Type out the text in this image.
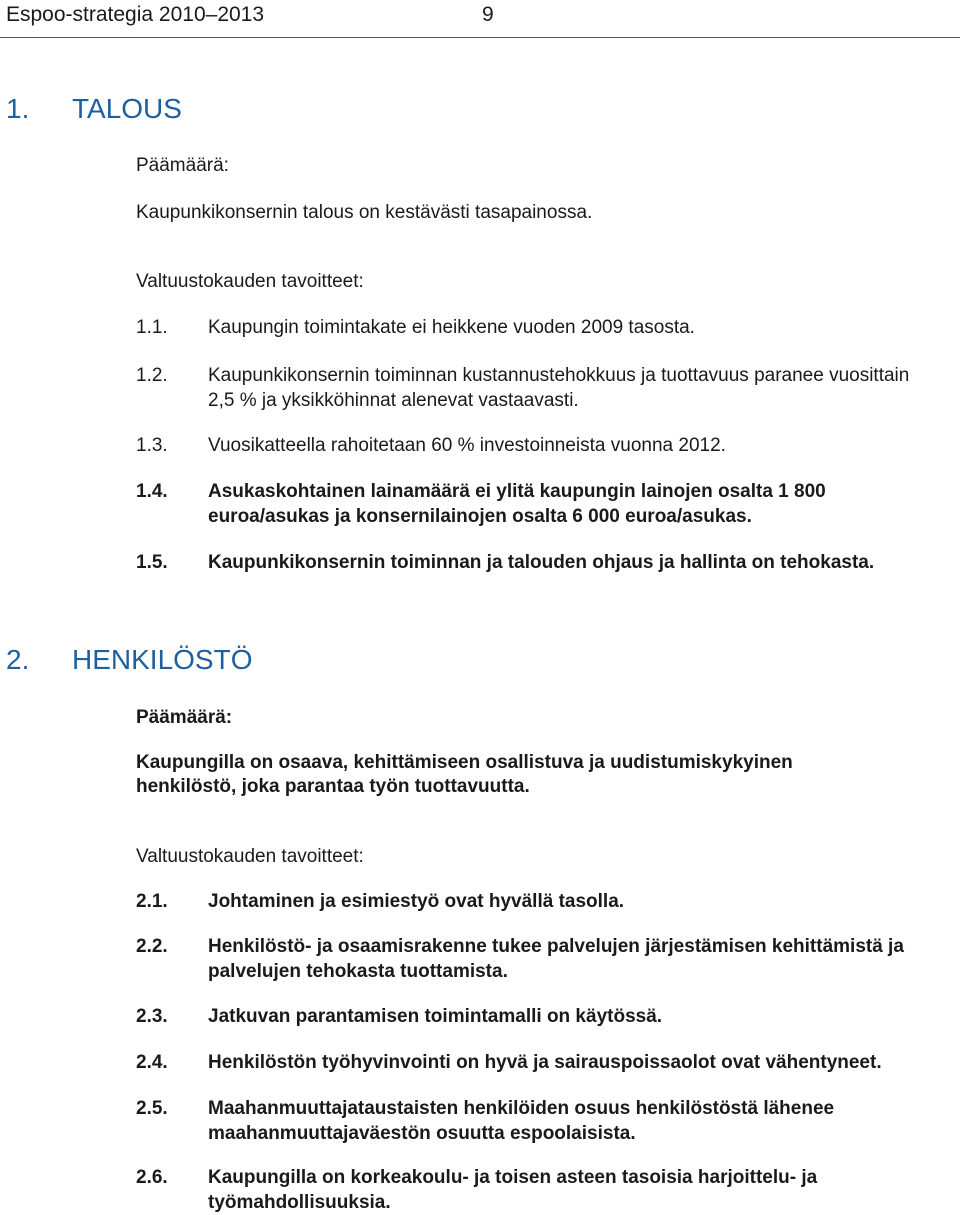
Espoo-strategia 2010–2013	9
1. TALOUS
Päämäärä:
Kaupunkikonsernin talous on kestävästi tasapainossa.
Valtuustokauden tavoitteet:
1.1.	Kaupungin toimintakate ei heikkene vuoden 2009 tasosta.
1.2.	Kaupunkikonsernin toiminnan kustannustehokkuus ja tuottavuus paranee vuosittain 2,5 % ja yksikköhinnat alenevat vastaavasti.
1.3.	Vuosikatteella rahoitetaan 60 % investoinneista vuonna 2012.
1.4.	Asukaskohtainen lainamäärä ei ylitä kaupungin lainojen osalta 1 800 euroa/asukas ja konsernilainojen osalta 6 000 euroa/asukas.
1.5.	Kaupunkikonsernin toiminnan ja talouden ohjaus ja hallinta on tehokasta.
2. HENKILÖSTÖ
Päämäärä:
Kaupungilla on osaava, kehittämiseen osallistuva ja uudistumiskykyinen henkilöstö, joka parantaa työn tuottavuutta.
Valtuustokauden tavoitteet:
2.1.	Johtaminen ja esimiestyö ovat hyvällä tasolla.
2.2.	Henkilöstö- ja osaamisrakenne tukee palvelujen järjestämisen kehittämistä ja palvelujen tehokasta tuottamista.
2.3.	Jatkuvan parantamisen toimintamalli on käytössä.
2.4.	Henkilöstön työhyvinvointi on hyvä ja sairauspoissaolot ovat vähentyneet.
2.5.	Maahanmuuttajataustaisten henkilöiden osuus henkilöstöstä lähenee maahanmuuttajaväestön osuutta espoolaisista.
2.6.	Kaupungilla on korkeakoulu- ja toisen asteen tasoisia harjoittelu- ja työmahdollisuuksia.
